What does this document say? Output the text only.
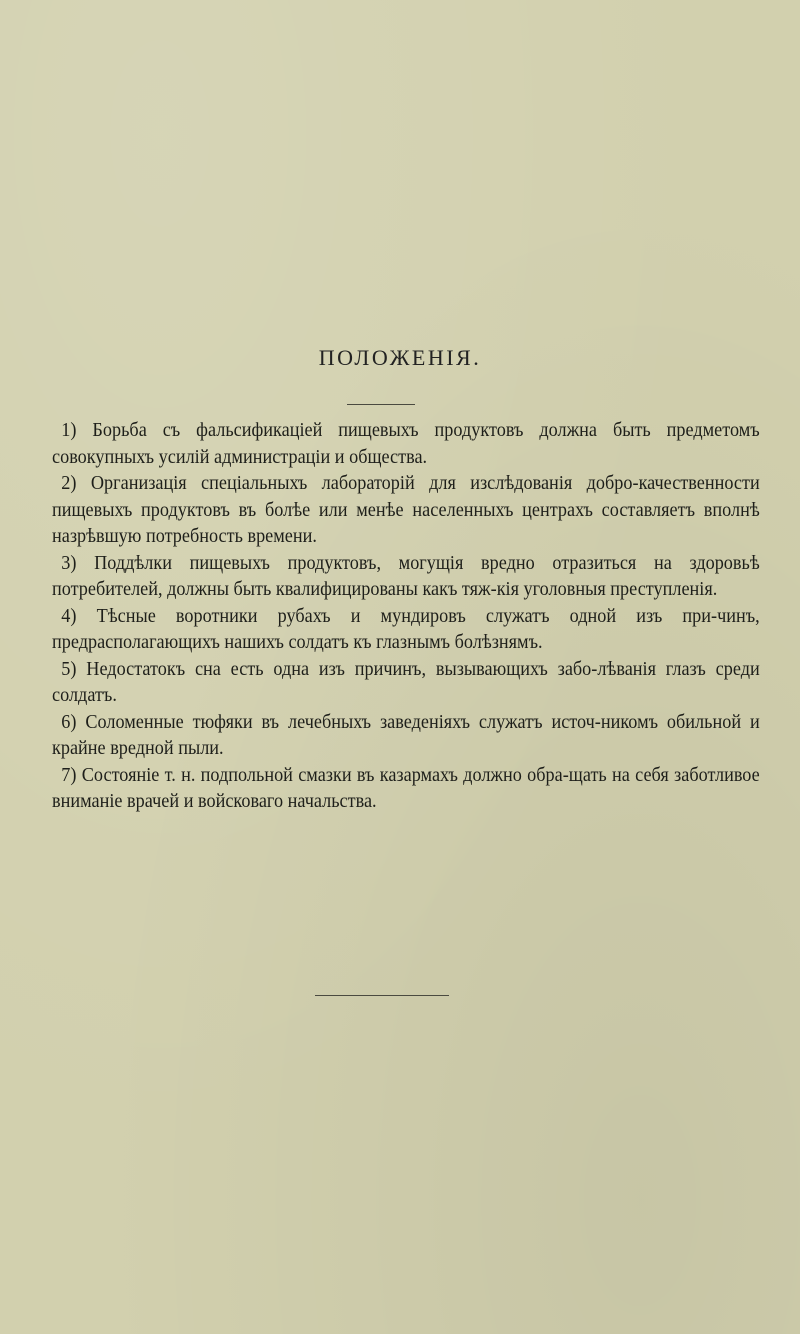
ПОЛОЖЕНIЯ.
1) Борьба съ фальсификацiей пищевыхъ продуктовъ должна быть предметомъ совокупныхъ усилiй администрацiи и общества.
2) Организацiя спецiальныхъ лабораторiй для изслѣдованiя добро-качественности пищевыхъ продуктовъ въ болѣе или менѣе населенныхъ центрахъ составляетъ вполнѣ назрѣвшую потребность времени.
3) Поддѣлки пищевыхъ продуктовъ, могущiя вредно отразиться на здоровьѣ потребителей, должны быть квалифицированы какъ тяж-кiя уголовныя преступленiя.
4) Тѣсные воротники рубахъ и мундировъ служатъ одной изъ при-чинъ, предрасполагающихъ нашихъ солдатъ къ глазнымъ болѣзнямъ.
5) Недостатокъ сна есть одна изъ причинъ, вызывающихъ забо-лѣванiя глазъ среди солдатъ.
6) Соломенные тюфяки въ лечебныхъ заведенiяхъ служатъ источ-никомъ обильной и крайне вредной пыли.
7) Состоянiе т. н. подпольной смазки въ казармахъ должно обра-щать на себя заботливое вниманiе врачей и войсковаго начальства.
